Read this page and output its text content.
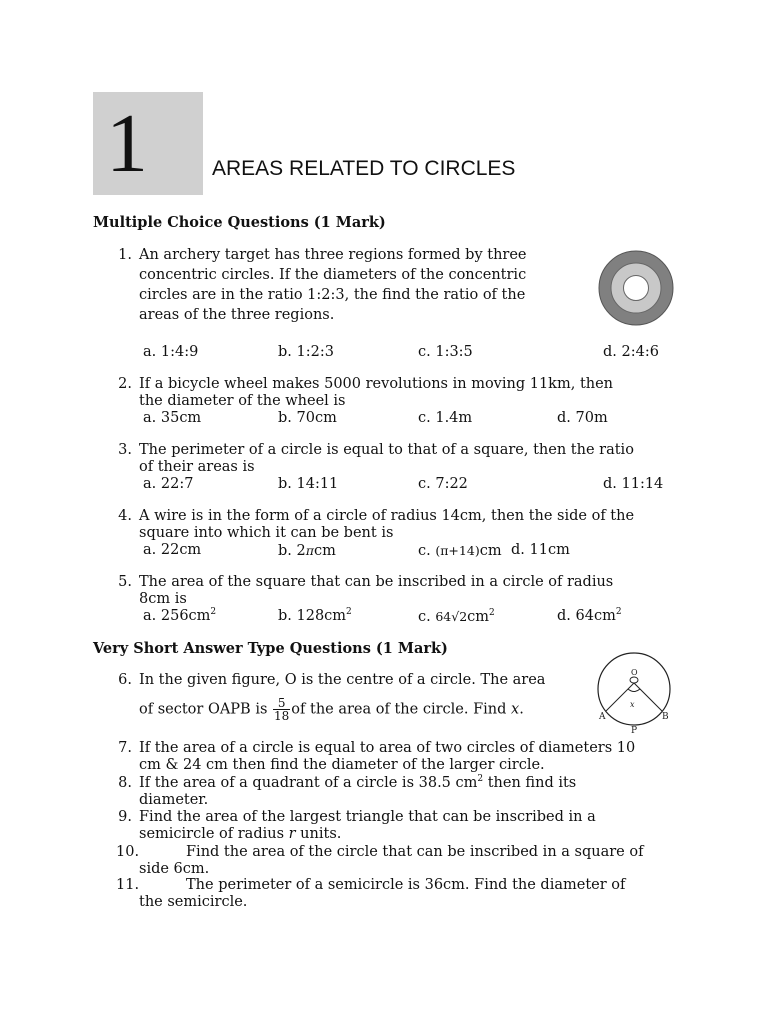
1	AREAS RELATED TO CIRCLES
Multiple Choice Questions (1 Mark)
1. An archery target has three regions formed by three
concentric circles. If the diameters of the concentric
circles are in the ratio 1:2:3, the find the ratio of the
areas of the three regions.
a. 1:4:9	b. 1:2:3	c. 1:3:5	d. 2:4:6
2. If a bicycle wheel makes 5000 revolutions in moving 11km, then
the diameter of the wheel is
a. 35cm	b. 70cm	c. 1.4m	d. 70m
3. The perimeter of a circle is equal to that of a square, then the ratio
of their areas is
a. 22:7	b. 14:11	c. 7:22	d. 11:14
4. A wire is in the form of a circle of radius 14cm, then the side of the
square into which it can be bent is
a. 22cm	b. 2πcm	c. (π+14)cm d. 11cm
5. The area of the square that can be inscribed in a circle of radius
8cm is
a. $256cm^2$	b. $128cm^2$	c. $64√2cm^2$	d. $64cm^2$
Very Short Answer Type Questions (1 Mark)
6. In the given figure, O is the centre of a circle. The area
of sector OAPB is $\frac{5}{18}$ of the area of the circle. Find x.	x
O
A	B
P
7. If the area of a circle is equal to area of two circles of diameters 10
cm & 24 cm then find the diameter of the larger circle.
8. If the area of a quadrant of a circle is 38.5 $cm^2$ then find its
diameter.
9. Find the area of the largest triangle that can be inscribed in a
semicircle of radius r units.
10.	Find the area of the circle that can be inscribed in a square of
side 6cm.
11.	The perimeter of a semicircle is 36cm. Find the diameter of
the semicircle.
